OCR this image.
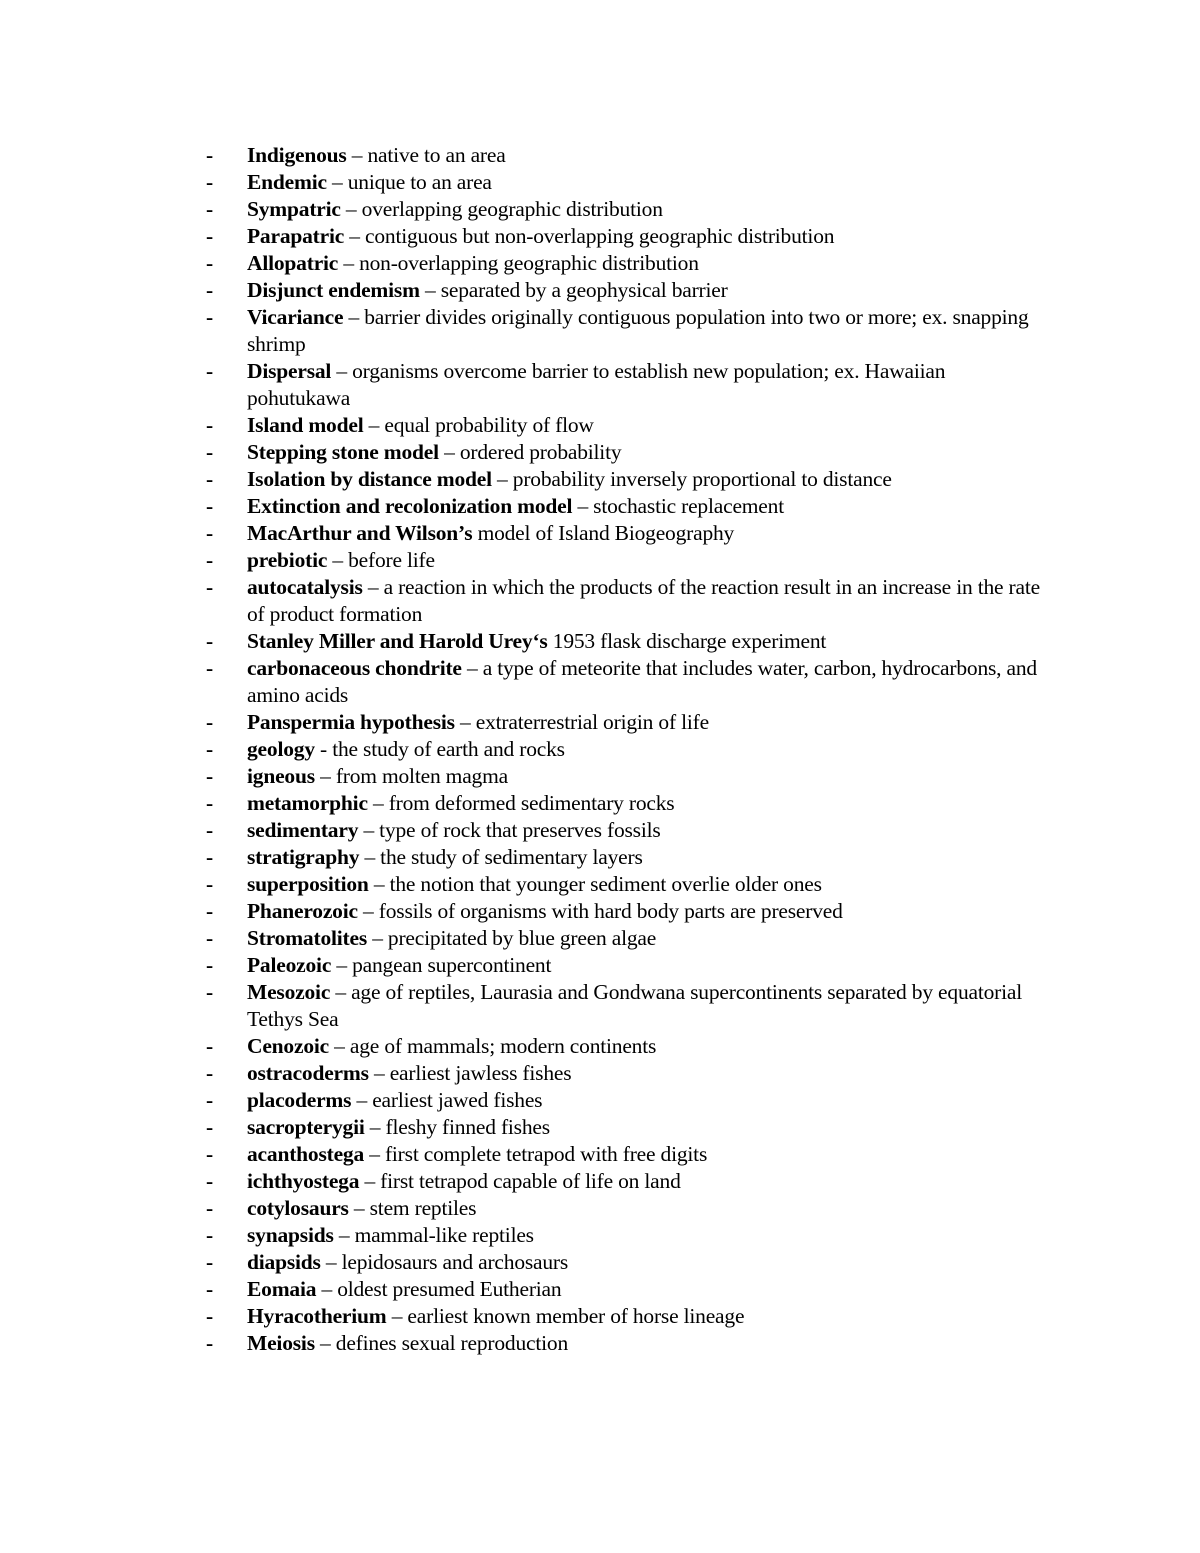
- Indigenous – native to an area
- Endemic – unique to an area
- Sympatric – overlapping geographic distribution
- Parapatric – contiguous but non-overlapping geographic distribution
- Allopatric – non-overlapping geographic distribution
- Disjunct endemism – separated by a geophysical barrier
- Vicariance – barrier divides originally contiguous population into two or more; ex. snapping shrimp
- Dispersal – organisms overcome barrier to establish new population; ex. Hawaiian pohutukawa
- Island model – equal probability of flow
- Stepping stone model – ordered probability
- Isolation by distance model – probability inversely proportional to distance
- Extinction and recolonization model – stochastic replacement
- MacArthur and Wilson’s model of Island Biogeography
- prebiotic – before life
- autocatalysis – a reaction in which the products of the reaction result in an increase in the rate of product formation
- Stanley Miller and Harold Urey‘s 1953 flask discharge experiment
- carbonaceous chondrite – a type of meteorite that includes water, carbon, hydrocarbons, and amino acids
- Panspermia hypothesis – extraterrestrial origin of life
- geology - the study of earth and rocks
- igneous – from molten magma
- metamorphic – from deformed sedimentary rocks
- sedimentary – type of rock that preserves fossils
- stratigraphy – the study of sedimentary layers
- superposition – the notion that younger sediment overlie older ones
- Phanerozoic – fossils of organisms with hard body parts are preserved
- Stromatolites – precipitated by blue green algae
- Paleozoic – pangean supercontinent
- Mesozoic – age of reptiles, Laurasia and Gondwana supercontinents separated by equatorial Tethys Sea
- Cenozoic – age of mammals; modern continents
- ostracoderms – earliest jawless fishes
- placoderms – earliest jawed fishes
- sacropterygii – fleshy finned fishes
- acanthostega – first complete tetrapod with free digits
- ichthyostega – first tetrapod capable of life on land
- cotylosaurs – stem reptiles
- synapsids – mammal-like reptiles
- diapsids – lepidosaurs and archosaurs
- Eomaia – oldest presumed Eutherian
- Hyracotherium – earliest known member of horse lineage
- Meiosis – defines sexual reproduction
